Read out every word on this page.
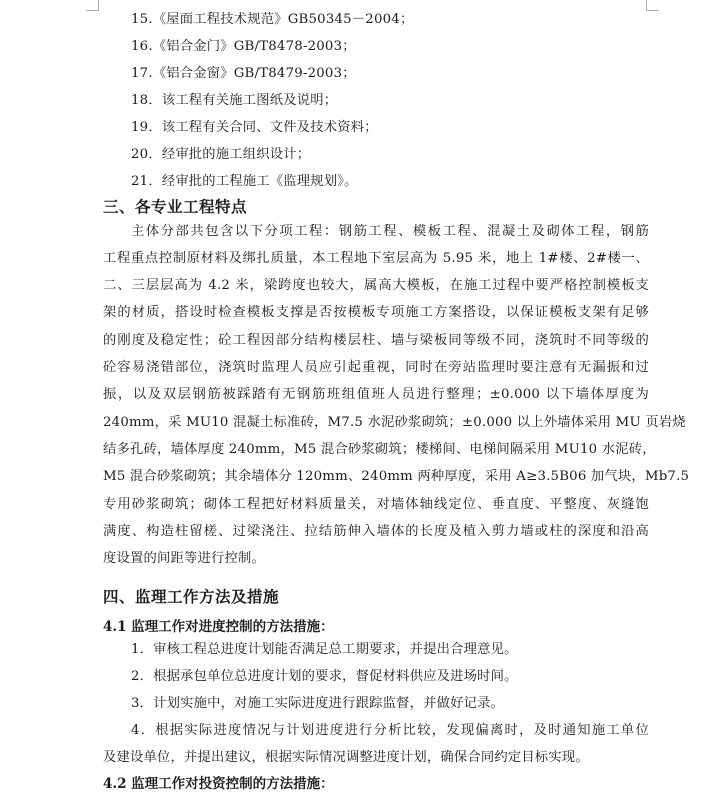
15.《屋面工程技术规范》GB50345－2004；
16.《铝合金门》GB/T8478-2003；
17.《铝合金窗》GB/T8479-2003；
18．该工程有关施工图纸及说明；
19．该工程有关合同、文件及技术资料；
20．经审批的施工组织设计；
21．经审批的工程施工《监理规划》。
三、各专业工程特点
主体分部共包含以下分项工程：钢筋工程、模板工程、混凝土及砌体工程，钢筋
工程重点控制原材料及绑扎质量，本工程地下室层高为 5.95 米，地上 1#楼、2#楼一、
二、三层层高为 4.2 米，梁跨度也较大，属高大模板，在施工过程中要严格控制模板支
架的材质，搭设时检查模板支撑是否按模板专项施工方案搭设，以保证模板支架有足够
的刚度及稳定性；砼工程因部分结构楼层柱、墙与梁板同等级不同，浇筑时不同等级的
砼容易浇错部位，浇筑时监理人员应引起重视，同时在旁站监理时要注意有无漏振和过
振，以及双层钢筋被踩踏有无钢筋班组值班人员进行整理；±0.000 以下墙体厚度为
240mm，采 MU10 混凝土标准砖，M7.5 水泥砂浆砌筑；±0.000 以上外墙体采用 MU 页岩烧
结多孔砖，墙体厚度 240mm，M5 混合砂浆砌筑；楼梯间、电梯间隔采用 MU10 水泥砖，
M5 混合砂浆砌筑；其余墙体分 120mm、240mm 两种厚度，采用 A≥3.5B06 加气块，Mb7.5
专用砂浆砌筑；砌体工程把好材料质量关，对墙体轴线定位、垂直度、平整度、灰缝饱
满度、构造柱留槎、过梁浇注、拉结筋伸入墙体的长度及植入剪力墙或柱的深度和沿高
度设置的间距等进行控制。
四、监理工作方法及措施
4.1 监理工作对进度控制的方法措施：
1．审核工程总进度计划能否满足总工期要求，并提出合理意见。
2．根据承包单位总进度计划的要求，督促材料供应及进场时间。
3．计划实施中，对施工实际进度进行跟踪监督，并做好记录。
4．根据实际进度情况与计划进度进行分析比较，发现偏离时，及时通知施工单位
及建设单位，并提出建议，根据实际情况调整进度计划，确保合同约定目标实现。
4.2 监理工作对投资控制的方法措施：
